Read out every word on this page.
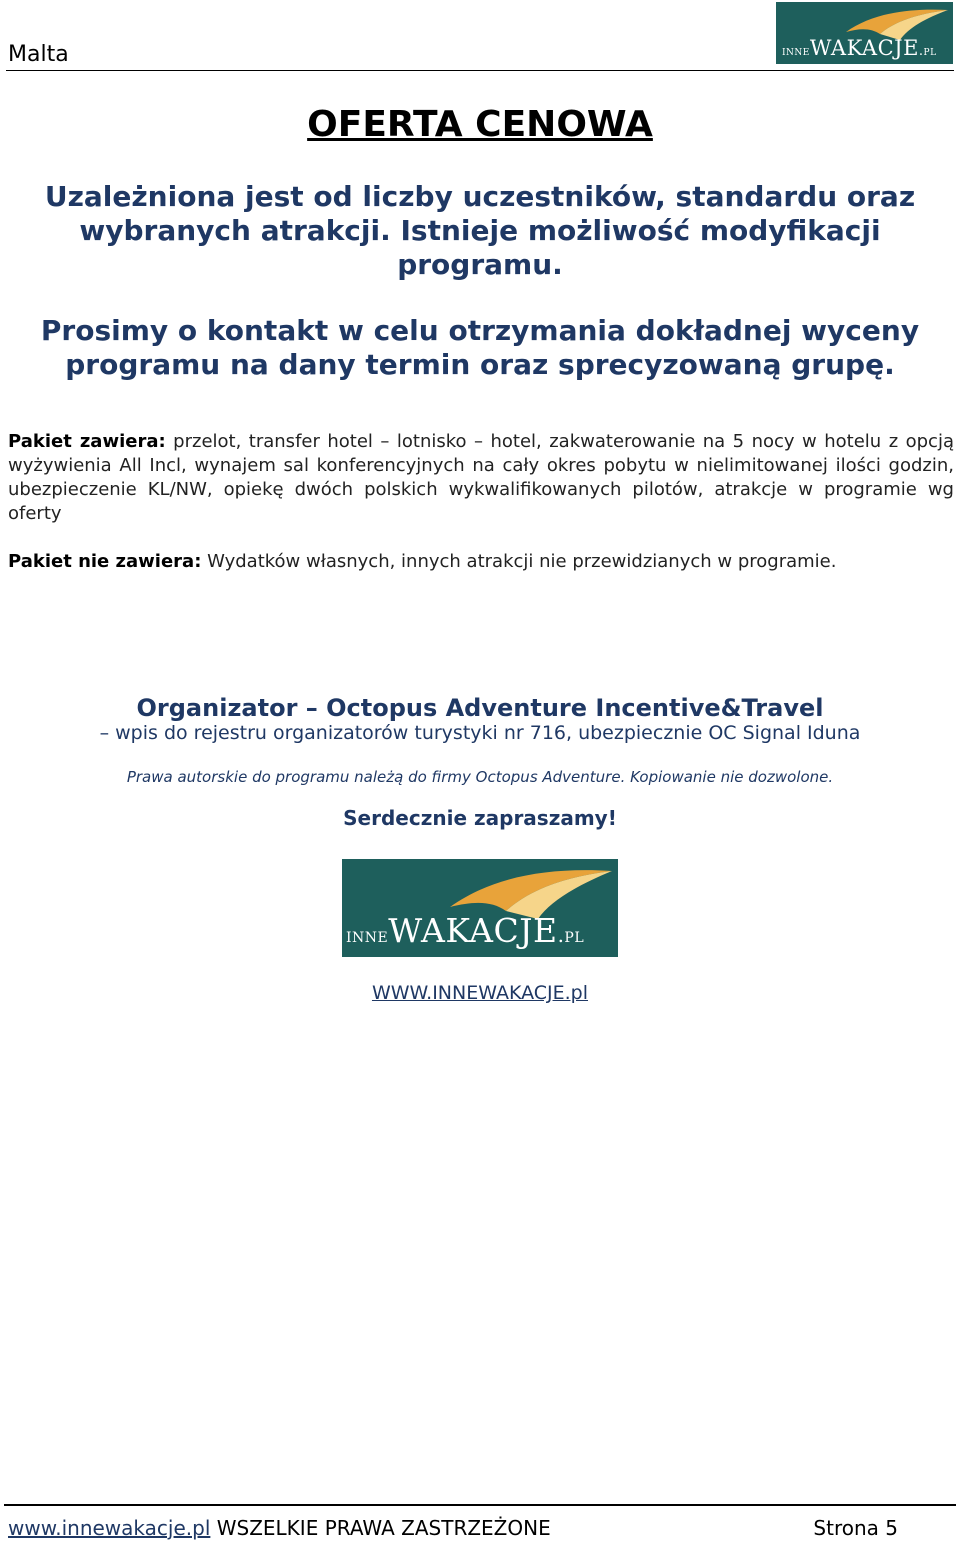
Malta	inneWAKACJE.pl
OFERTA CENOWA
Uzależniona jest od liczby uczestników, standardu oraz wybranych atrakcji. Istnieje możliwość modyfikacji programu.
Prosimy o kontakt w celu otrzymania dokładnej wyceny programu na dany termin oraz sprecyzowaną grupę.
Pakiet zawiera: przelot, transfer hotel – lotnisko – hotel, zakwaterowanie na 5 nocy w hotelu z opcją wyżywienia All Incl, wynajem sal konferencyjnych na cały okres pobytu w nielimitowanej ilości godzin, ubezpieczenie KL/NW, opiekę dwóch polskich wykwalifikowanych pilotów, atrakcje w programie wg oferty
Pakiet nie zawiera: Wydatków własnych, innych atrakcji nie przewidzianych w programie.
Organizator – Octopus Adventure Incentive&Travel
– wpis do rejestru organizatorów turystyki nr 716, ubezpiecznie OC Signal Iduna
Prawa autorskie do programu należą do firmy Octopus Adventure. Kopiowanie nie dozwolone.
Serdecznie zapraszamy!
inneWAKACJE.pl
WWW.INNEWAKACJE.pl
www.innewakacje.pl WSZELKIE PRAWA ZASTRZEŻONE	Strona 5
